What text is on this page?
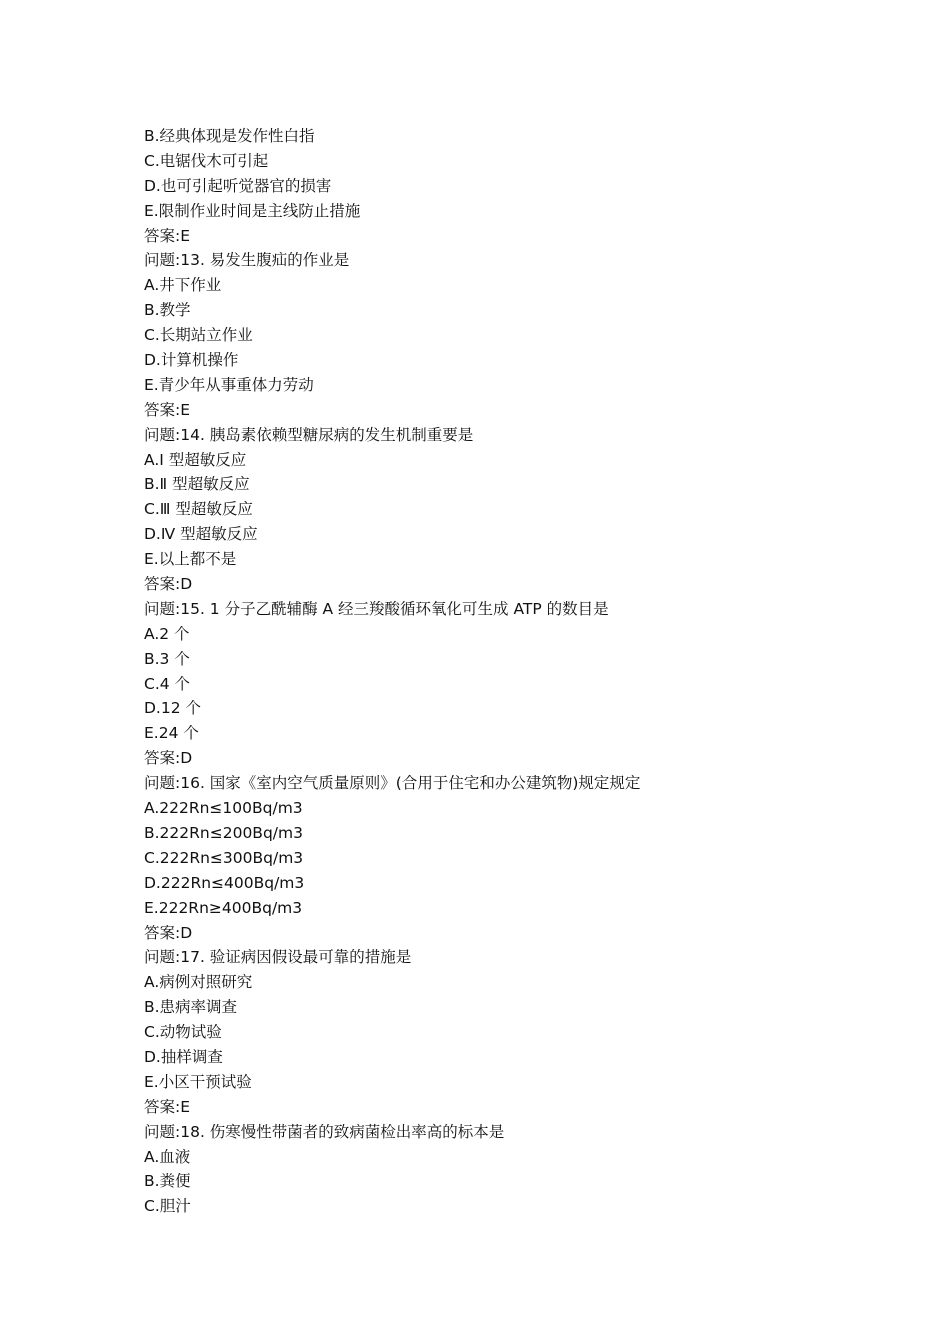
B.经典体现是发作性白指
C.电锯伐木可引起
D.也可引起听觉器官的损害
E.限制作业时间是主线防止措施
答案:E
问题:13. 易发生腹疝的作业是
A.井下作业
B.教学
C.长期站立作业
D.计算机操作
E.青少年从事重体力劳动
答案:E
问题:14. 胰岛素依赖型糖尿病的发生机制重要是
A.Ⅰ 型超敏反应
B.Ⅱ 型超敏反应
C.Ⅲ 型超敏反应
D.Ⅳ 型超敏反应
E.以上都不是
答案:D
问题:15. 1 分子乙酰辅酶 A 经三羧酸循环氧化可生成 ATP 的数目是
A.2 个
B.3 个
C.4 个
D.12 个
E.24 个
答案:D
问题:16. 国家《室内空气质量原则》(合用于住宅和办公建筑物)规定规定
A.222Rn≤100Bq/m3
B.222Rn≤200Bq/m3
C.222Rn≤300Bq/m3
D.222Rn≤400Bq/m3
E.222Rn≥400Bq/m3
答案:D
问题:17. 验证病因假设最可靠的措施是
A.病例对照研究
B.患病率调查
C.动物试验
D.抽样调查
E.小区干预试验
答案:E
问题:18. 伤寒慢性带菌者的致病菌检出率高的标本是
A.血液
B.粪便
C.胆汁
